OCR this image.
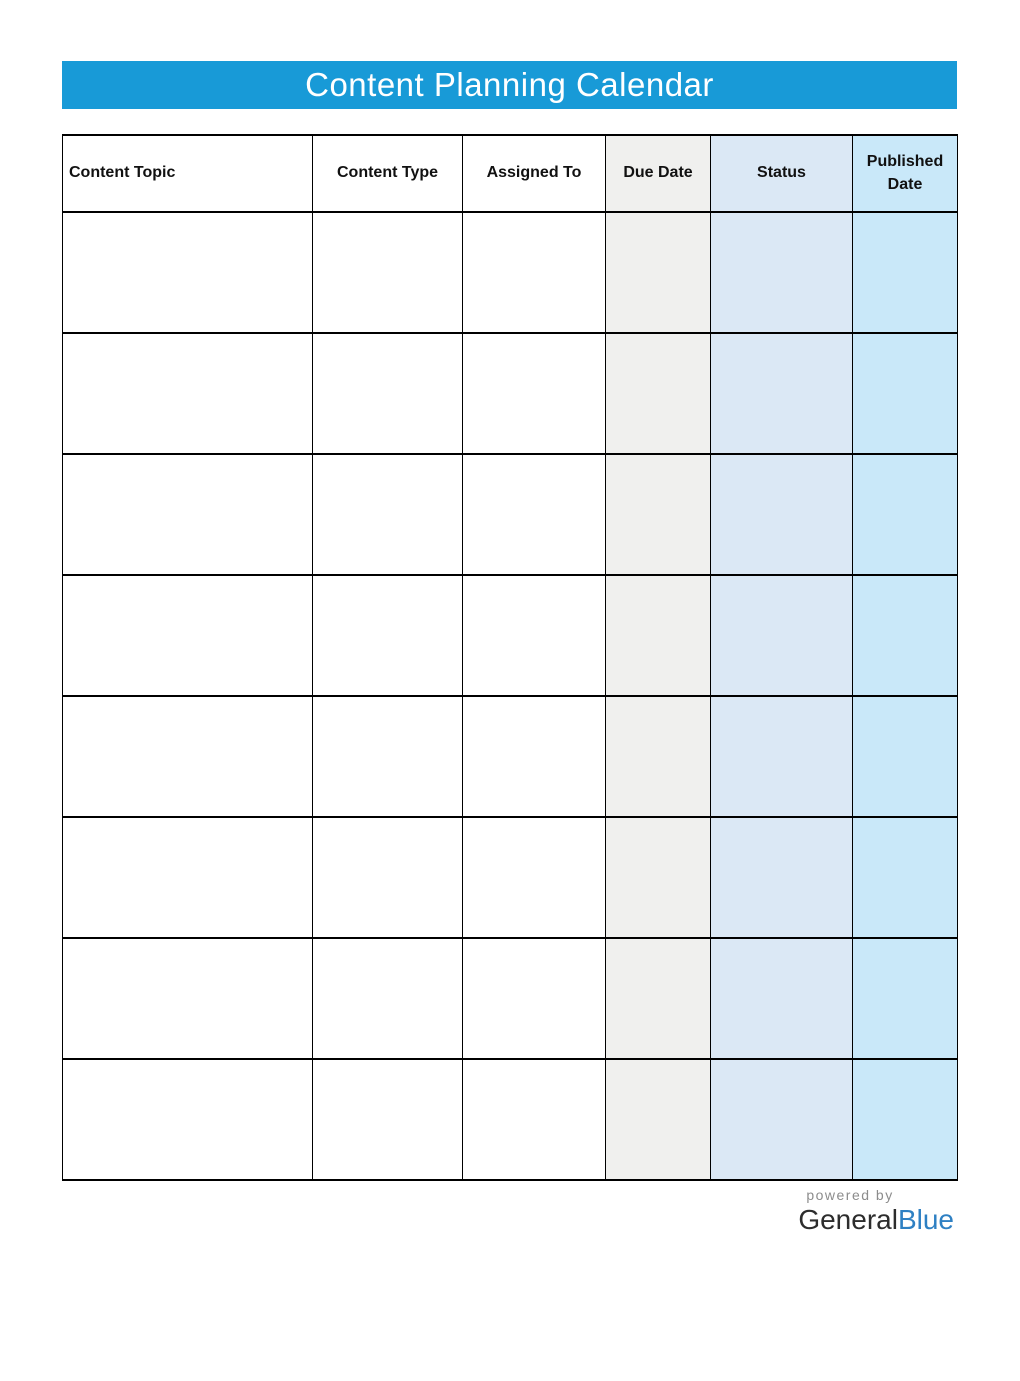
Content Planning Calendar
Content Topic	Content Type	Assigned To	Due Date	Status	Published Date

powered by
GeneralBlue
